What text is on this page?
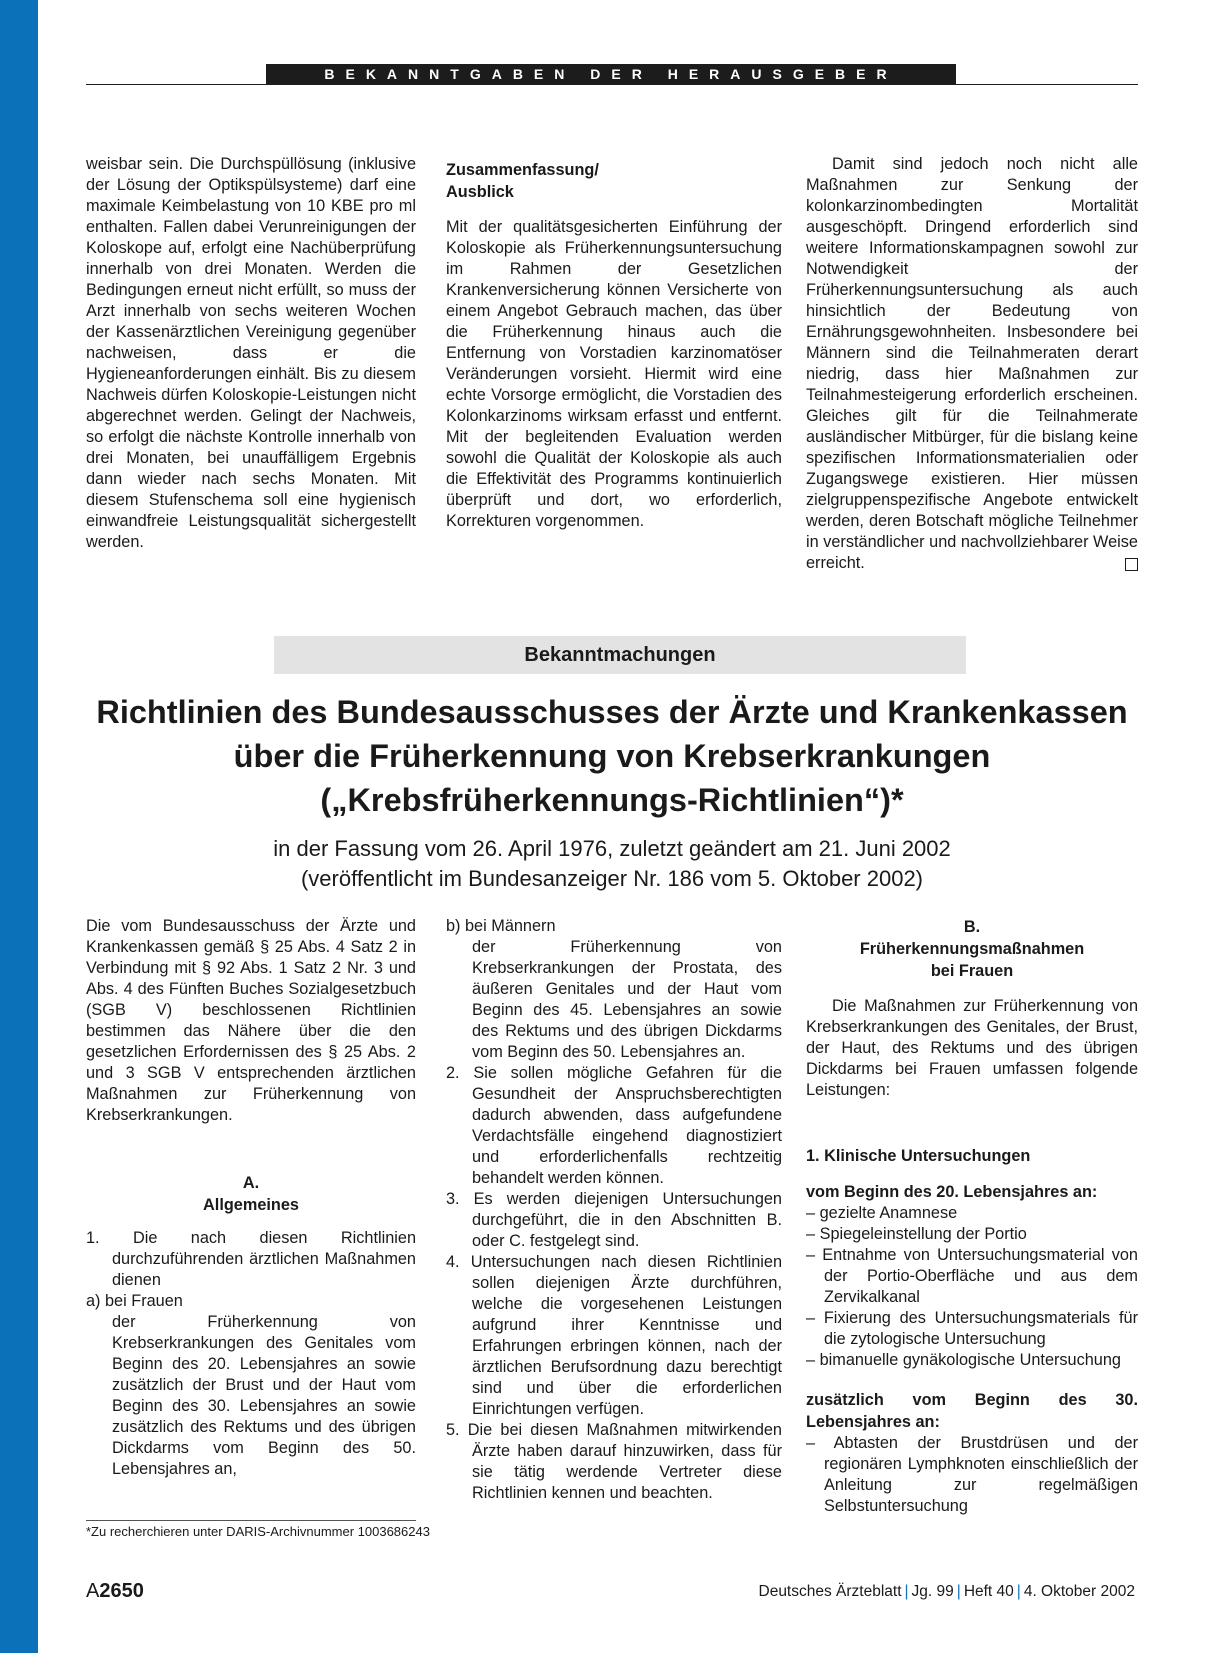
BEKANNTGABEN DER HERAUSGEBER

weisbar sein. Die Durchspüllösung (inklusive der Lösung der Optikspülsysteme) darf eine maximale Keimbelastung von 10 KBE pro ml enthalten. Fallen dabei Verunreinigungen der Koloskope auf, erfolgt eine Nachüberprüfung innerhalb von drei Monaten. Werden die Bedingungen erneut nicht erfüllt, so muss der Arzt innerhalb von sechs weiteren Wochen der Kassenärztlichen Vereinigung gegenüber nachweisen, dass er die Hygieneanforderungen einhält. Bis zu diesem Nachweis dürfen Koloskopie-Leistungen nicht abgerechnet werden. Gelingt der Nachweis, so erfolgt die nächste Kontrolle innerhalb von drei Monaten, bei unauffälligem Ergebnis dann wieder nach sechs Monaten. Mit diesem Stufenschema soll eine hygienisch einwandfreie Leistungsqualität sichergestellt werden.

Zusammenfassung/
Ausblick

Mit der qualitätsgesicherten Einführung der Koloskopie als Früherkennungsuntersuchung im Rahmen der Gesetzlichen Krankenversicherung können Versicherte von einem Angebot Gebrauch machen, das über die Früherkennung hinaus auch die Entfernung von Vorstadien karzinomatöser Veränderungen vorsieht. Hiermit wird eine echte Vorsorge ermöglicht, die Vorstadien des Kolonkarzinoms wirksam erfasst und entfernt. Mit der begleitenden Evaluation werden sowohl die Qualität der Koloskopie als auch die Effektivität des Programms kontinuierlich überprüft und dort, wo erforderlich, Korrekturen vorgenommen.

Damit sind jedoch noch nicht alle Maßnahmen zur Senkung der kolonkarzinombedingten Mortalität ausgeschöpft. Dringend erforderlich sind weitere Informationskampagnen sowohl zur Notwendigkeit der Früherkennungsuntersuchung als auch hinsichtlich der Bedeutung von Ernährungsgewohnheiten. Insbesondere bei Männern sind die Teilnahmeraten derart niedrig, dass hier Maßnahmen zur Teilnahmesteigerung erforderlich erscheinen. Gleiches gilt für die Teilnahmerate ausländischer Mitbürger, für die bislang keine spezifischen Informationsmaterialien oder Zugangswege existieren. Hier müssen zielgruppenspezifische Angebote entwickelt werden, deren Botschaft mögliche Teilnehmer in verständlicher und nachvollziehbarer Weise erreicht.

Bekanntmachungen
Richtlinien des Bundesausschusses der Ärzte und Krankenkassen
über die Früherkennung von Krebserkrankungen
(„Krebsfrüherkennungs-Richtlinien“)*
in der Fassung vom 26. April 1976, zuletzt geändert am 21. Juni 2002
(veröffentlicht im Bundesanzeiger Nr. 186 vom 5. Oktober 2002)

Die vom Bundesausschuss der Ärzte und Krankenkassen gemäß § 25 Abs. 4 Satz 2 in Verbindung mit § 92 Abs. 1 Satz 2 Nr. 3 und Abs. 4 des Fünften Buches Sozialgesetzbuch (SGB V) beschlossenen Richtlinien bestimmen das Nähere über die den gesetzlichen Erfordernissen des § 25 Abs. 2 und 3 SGB V entsprechenden ärztlichen Maßnahmen zur Früherkennung von Krebserkrankungen.

A.

Allgemeines

1. Die nach diesen Richtlinien durchzuführenden ärztlichen Maßnahmen dienen

a) bei Frauen

der Früherkennung von Krebserkrankungen des Genitales vom Beginn des 20. Lebensjahres an sowie zusätzlich der Brust und der Haut vom Beginn des 30. Lebensjahres an sowie zusätzlich des Rektums und des übrigen Dickdarms vom Beginn des 50. Lebensjahres an,

b) bei Männern

der Früherkennung von Krebserkrankungen der Prostata, des äußeren Genitales und der Haut vom Beginn des 45. Lebensjahres an sowie des Rektums und des übrigen Dickdarms vom Beginn des 50. Lebensjahres an.

2. Sie sollen mögliche Gefahren für die Gesundheit der Anspruchsberechtigten dadurch abwenden, dass aufgefundene Verdachtsfälle eingehend diagnostiziert und erforderlichenfalls rechtzeitig behandelt werden können.

3. Es werden diejenigen Untersuchungen durchgeführt, die in den Abschnitten B. oder C. festgelegt sind.

4. Untersuchungen nach diesen Richtlinien sollen diejenigen Ärzte durchführen, welche die vorgesehenen Leistungen aufgrund ihrer Kenntnisse und Erfahrungen erbringen können, nach der ärztlichen Berufsordnung dazu berechtigt sind und über die erforderlichen Einrichtungen verfügen.

5. Die bei diesen Maßnahmen mitwirkenden Ärzte haben darauf hinzuwirken, dass für sie tätig werdende Vertreter diese Richtlinien kennen und beachten.

B.

Früherkennungsmaßnahmen

bei Frauen

Die Maßnahmen zur Früherkennung von Krebserkrankungen des Genitales, der Brust, der Haut, des Rektums und des übrigen Dickdarms bei Frauen umfassen folgende Leistungen:

1. Klinische Untersuchungen

vom Beginn des 20. Lebensjahres an:

– gezielte Anamnese

– Spiegeleinstellung der Portio

– Entnahme von Untersuchungsmaterial von der Portio-Oberfläche und aus dem Zervikalkanal

– Fixierung des Untersuchungsmaterials für die zytologische Untersuchung

– bimanuelle gynäkologische Untersuchung

zusätzlich vom Beginn des 30. Lebensjahres an:

– Abtasten der Brustdrüsen und der regionären Lymphknoten einschließlich der Anleitung zur regelmäßigen Selbstuntersuchung

*Zu recherchieren unter DARIS-Archivnummer 1003686243
A2650	Deutsches Ärzteblatt | Jg. 99 | Heft 40 | 4. Oktober 2002
